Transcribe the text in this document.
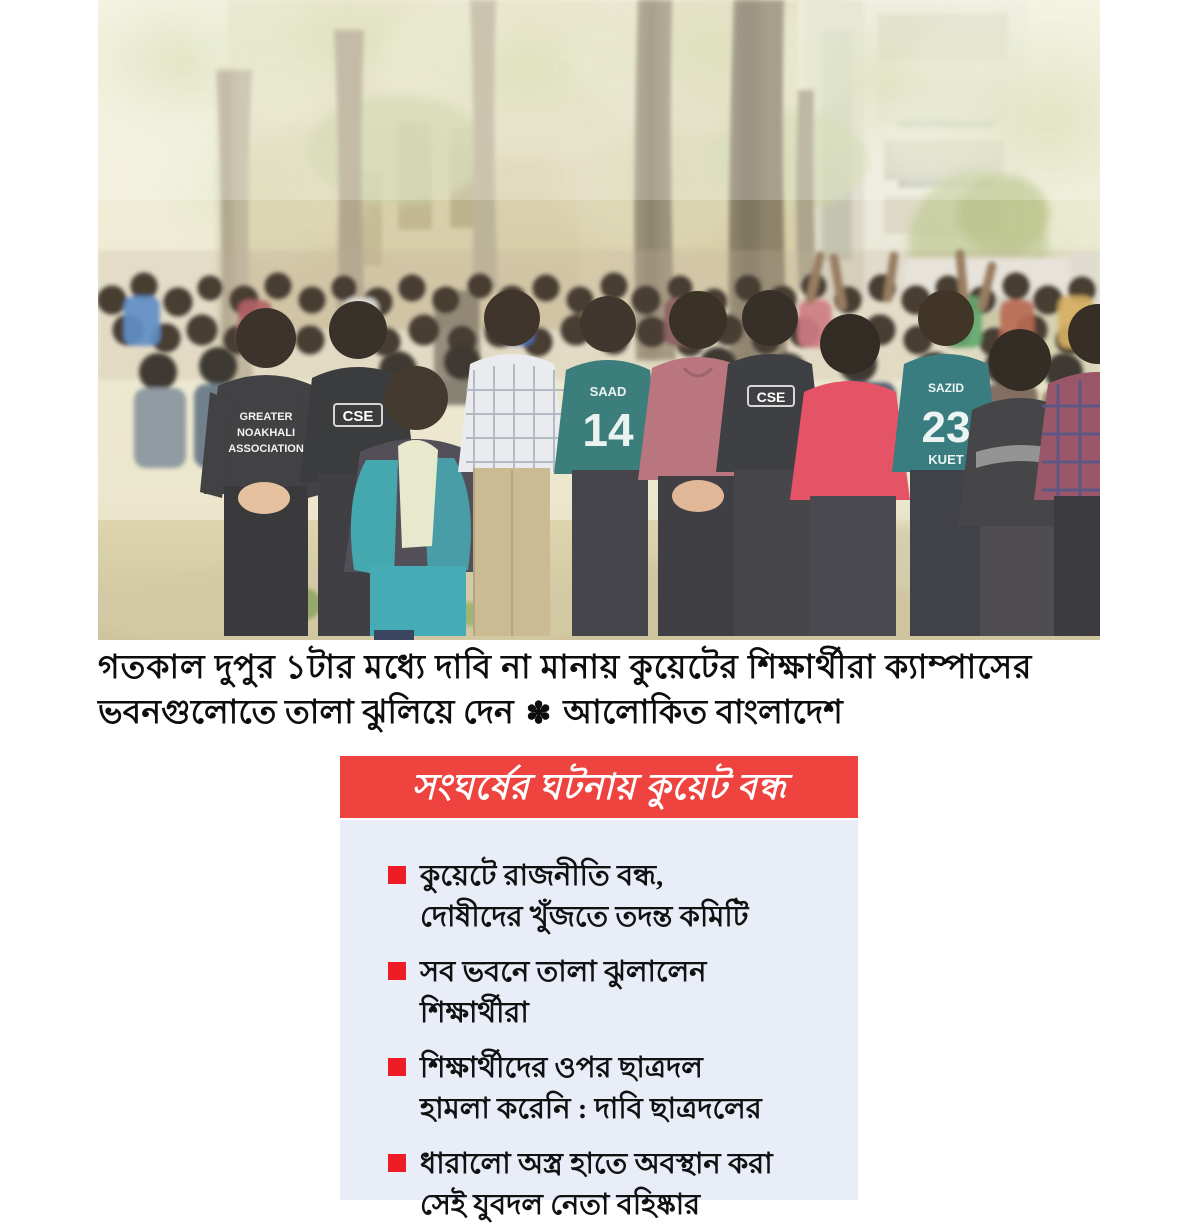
GREATER
NOAKHALI
ASSOCIATION
CSE
SAAD
14
CSE
SAZID
23
KUET
গতকাল দুপুর ১টার মধ্যে দাবি না মানায় কুয়েটের শিক্ষার্থীরা ক্যাম্পাসের
ভবনগুলোতে তালা ঝুলিয়ে দেন ✽ আলোকিত বাংলাদেশ
সংঘর্ষের ঘটনায় কুয়েট বন্ধ
কুয়েটে রাজনীতি বন্ধ,
দোষীদের খুঁজতে তদন্ত কমিটি
সব ভবনে তালা ঝুলালেন
শিক্ষার্থীরা
শিক্ষার্থীদের ওপর ছাত্রদল
হামলা করেনি : দাবি ছাত্রদলের
ধারালো অস্ত্র হাতে অবস্থান করা
সেই যুবদল নেতা বহিষ্কার
